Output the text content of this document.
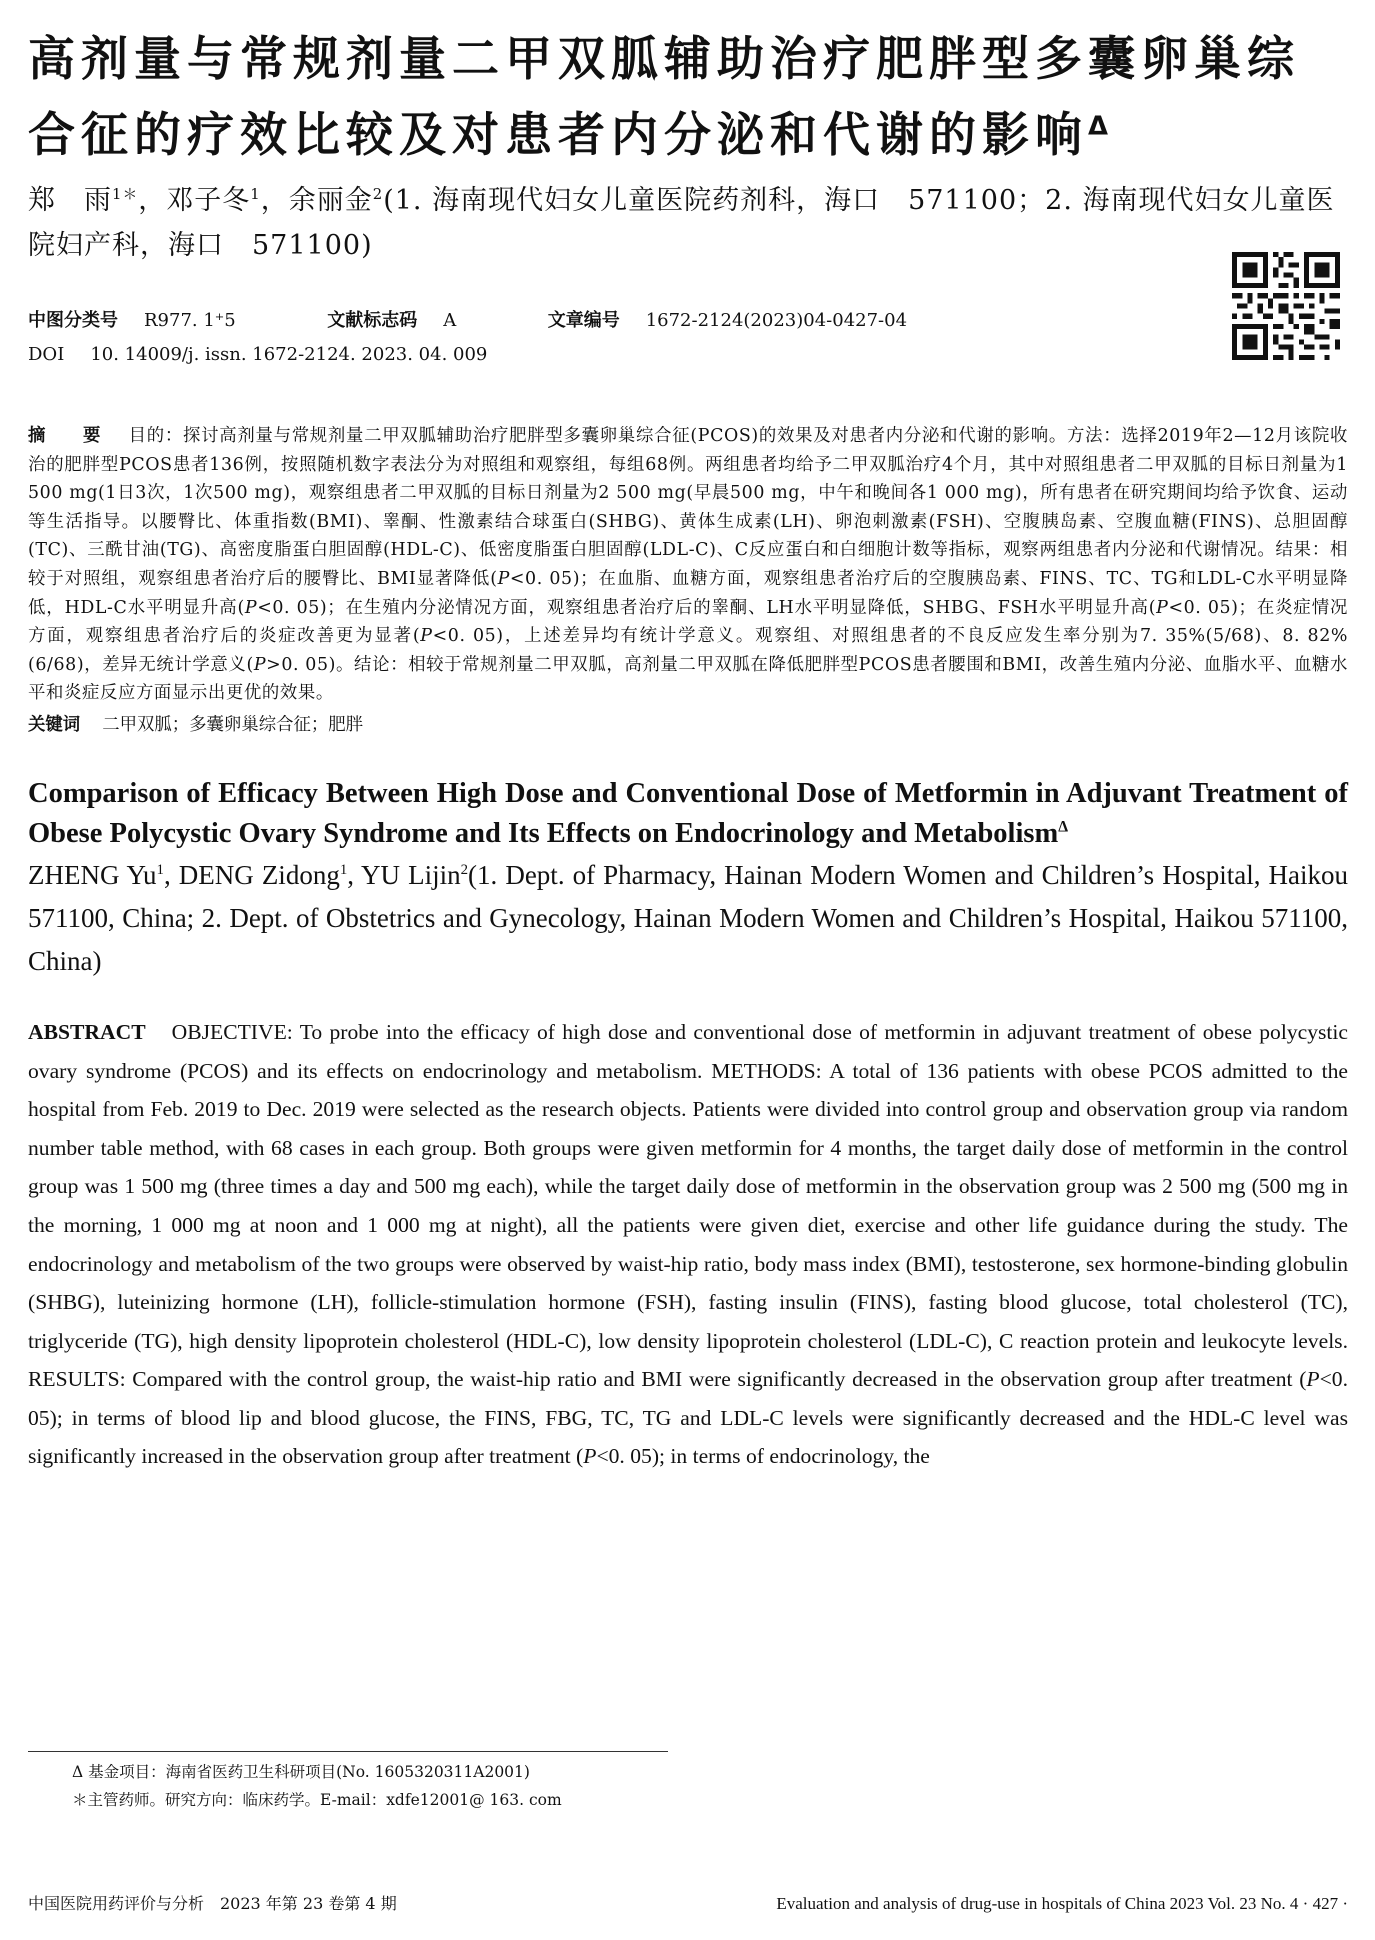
高剂量与常规剂量二甲双胍辅助治疗肥胖型多囊卵巢综合征的疗效比较及对患者内分泌和代谢的影响$^\Delta$
郑　雨$^{1*}$，邓子冬$^1$，余丽金$^2$(1. 海南现代妇女儿童医院药剂科，海口　571100；2. 海南现代妇女儿童医院妇产科，海口　571100)
中图分类号 R977. 1⁺5	文献标志码 A	文章编号 1672-2124(2023)04-0427-04
DOI 10. 14009/j. issn. 1672-2124. 2023. 04. 009
摘　要 目的：探讨高剂量与常规剂量二甲双胍辅助治疗肥胖型多囊卵巢综合征(PCOS)的效果及对患者内分泌和代谢的影响。方法：选择2019年2—12月该院收治的肥胖型PCOS患者136例，按照随机数字表法分为对照组和观察组，每组68例。两组患者均给予二甲双胍治疗4个月，其中对照组患者二甲双胍的目标日剂量为1 500 mg(1日3次，1次500 mg)，观察组患者二甲双胍的目标日剂量为2 500 mg(早晨500 mg，中午和晚间各1 000 mg)，所有患者在研究期间均给予饮食、运动等生活指导。以腰臀比、体重指数(BMI)、睾酮、性激素结合球蛋白(SHBG)、黄体生成素(LH)、卵泡刺激素(FSH)、空腹胰岛素、空腹血糖(FINS)、总胆固醇(TC)、三酰甘油(TG)、高密度脂蛋白胆固醇(HDL-C)、低密度脂蛋白胆固醇(LDL-C)、C反应蛋白和白细胞计数等指标，观察两组患者内分泌和代谢情况。结果：相较于对照组，观察组患者治疗后的腰臀比、BMI显著降低(P<0. 05)；在血脂、血糖方面，观察组患者治疗后的空腹胰岛素、FINS、TC、TG和LDL-C水平明显降低，HDL-C水平明显升高(P<0. 05)；在生殖内分泌情况方面，观察组患者治疗后的睾酮、LH水平明显降低，SHBG、FSH水平明显升高(P<0. 05)；在炎症情况方面，观察组患者治疗后的炎症改善更为显著(P<0. 05)，上述差异均有统计学意义。观察组、对照组患者的不良反应发生率分别为7. 35%(5/68)、8. 82%(6/68)，差异无统计学意义(P>0. 05)。结论：相较于常规剂量二甲双胍，高剂量二甲双胍在降低肥胖型PCOS患者腰围和BMI，改善生殖内分泌、血脂水平、血糖水平和炎症反应方面显示出更优的效果。
关键词 二甲双胍；多囊卵巢综合征；肥胖
Comparison of Efficacy Between High Dose and Conventional Dose of Metformin in Adjuvant Treatment of Obese Polycystic Ovary Syndrome and Its Effects on Endocrinology and Metabolism$^\Delta$
ZHENG Yu$^1$, DENG Zidong$^1$, YU Lijin$^2$(1. Dept. of Pharmacy, Hainan Modern Women and Children’s Hospital, Haikou 571100, China; 2. Dept. of Obstetrics and Gynecology, Hainan Modern Women and Children’s Hospital, Haikou 571100, China)
ABSTRACT OBJECTIVE: To probe into the efficacy of high dose and conventional dose of metformin in adjuvant treatment of obese polycystic ovary syndrome (PCOS) and its effects on endocrinology and metabolism. METHODS: A total of 136 patients with obese PCOS admitted to the hospital from Feb. 2019 to Dec. 2019 were selected as the research objects. Patients were divided into control group and observation group via random number table method, with 68 cases in each group. Both groups were given metformin for 4 months, the target daily dose of metformin in the control group was 1 500 mg (three times a day and 500 mg each), while the target daily dose of metformin in the observation group was 2 500 mg (500 mg in the morning, 1 000 mg at noon and 1 000 mg at night), all the patients were given diet, exercise and other life guidance during the study. The endocrinology and metabolism of the two groups were observed by waist-hip ratio, body mass index (BMI), testosterone, sex hormone-binding globulin (SHBG), luteinizing hormone (LH), follicle-stimulation hormone (FSH), fasting insulin (FINS), fasting blood glucose, total cholesterol (TC), triglyceride (TG), high density lipoprotein cholesterol (HDL-C), low density lipoprotein cholesterol (LDL-C), C reaction protein and leukocyte levels. RESULTS: Compared with the control group, the waist-hip ratio and BMI were significantly decreased in the observation group after treatment (P<0. 05); in terms of blood lip and blood glucose, the FINS, FBG, TC, TG and LDL-C levels were significantly decreased and the HDL-C level was significantly increased in the observation group after treatment (P<0. 05); in terms of endocrinology, the
Δ 基金项目：海南省医药卫生科研项目(No. 1605320311A2001)
＊主管药师。研究方向：临床药学。E-mail：xdfe12001@ 163. com
中国医院用药评价与分析　2023 年第 23 卷第 4 期	Evaluation and analysis of drug-use in hospitals of China 2023 Vol. 23 No. 4 · 427 ·
